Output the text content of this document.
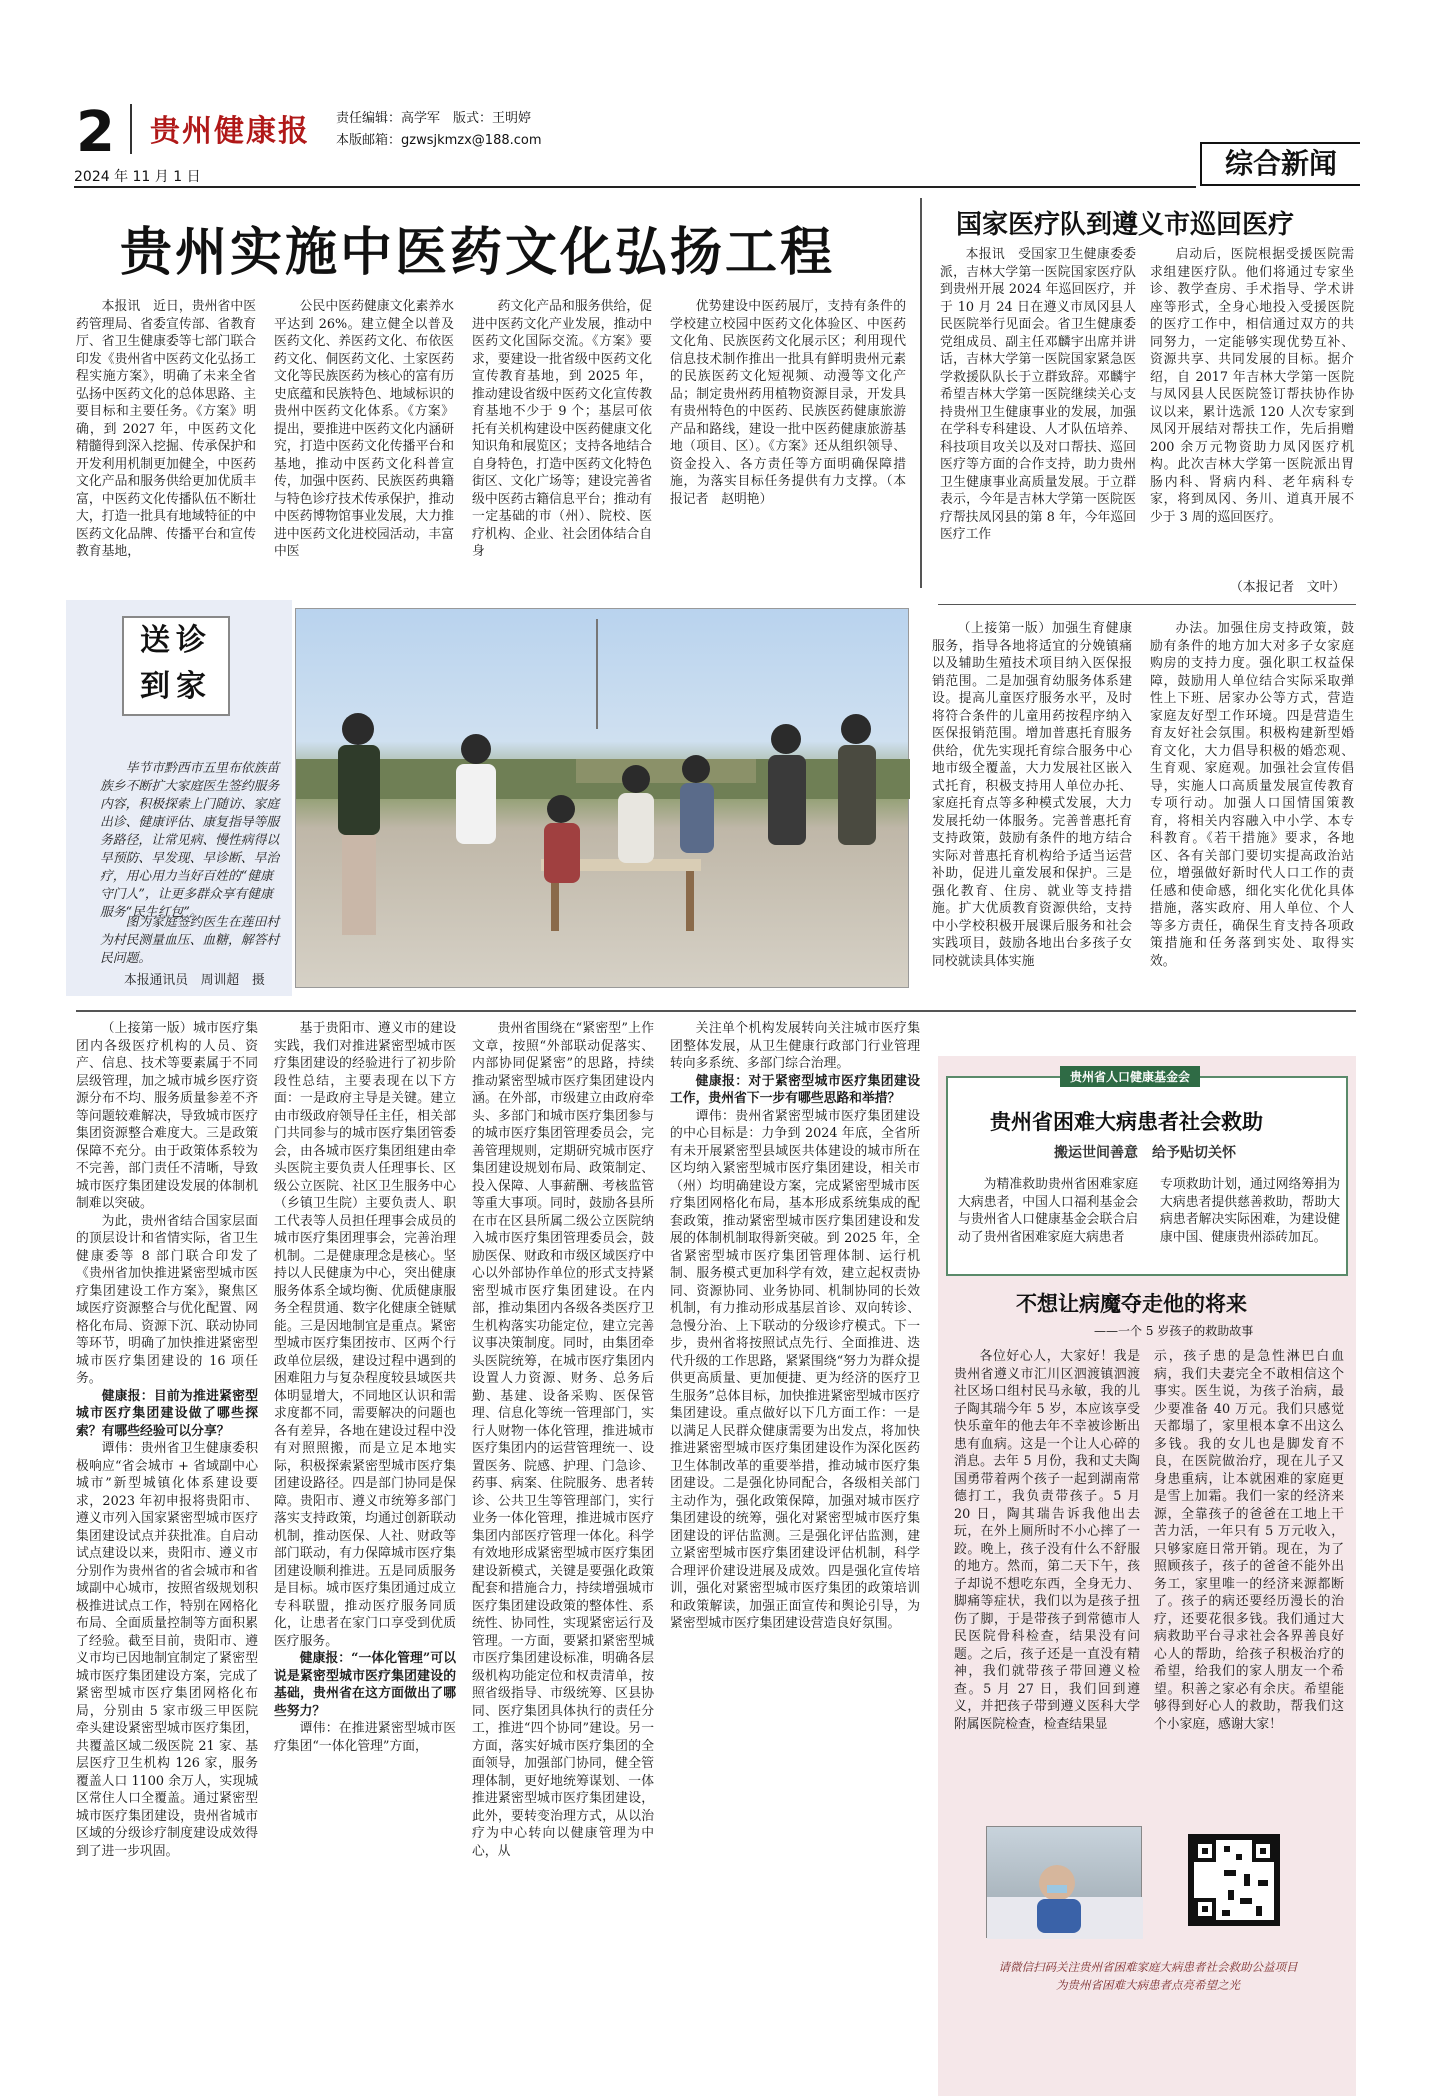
2 贵州健康报 责任编辑：高学军　版式：王明婷
本版邮箱：gzwsjkmzx@188.com
2024 年 11 月 1 日	综合新闻
贵州实施中医药文化弘扬工程
本报讯　近日，贵州省中医药管理局、省委宣传部、省教育厅、省卫生健康委等七部门联合印发《贵州省中医药文化弘扬工程实施方案》，明确了未来全省弘扬中医药文化的总体思路、主要目标和主要任务。《方案》明确，到 2027 年，中医药文化精髓得到深入挖掘、传承保护和开发利用机制更加健全，中医药文化产品和服务供给更加优质丰富，中医药文化传播队伍不断壮大，打造一批具有地域特征的中医药文化品牌、传播平台和宣传教育基地，
公民中医药健康文化素养水平达到 26%。建立健全以普及医药文化、养医药文化、布依医药文化、侗医药文化、土家医药文化等民族医药为核心的富有历史底蕴和民族特色、地域标识的贵州中医药文化体系。《方案》提出，要推进中医药文化内涵研究，打造中医药文化传播平台和基地，推动中医药文化科普宣传，加强中医药、民族医药典籍与特色诊疗技术传承保护，推动中医药博物馆事业发展，大力推进中医药文化进校园活动，丰富中医
药文化产品和服务供给，促进中医药文化产业发展，推动中医药文化国际交流。《方案》要求，要建设一批省级中医药文化宣传教育基地，到 2025 年，推动建设省级中医药文化宣传教育基地不少于 9 个；基层可依托有关机构建设中医药健康文化知识角和展览区；支持各地结合自身特色，打造中医药文化特色街区、文化广场等；建设完善省级中医药古籍信息平台；推动有一定基础的市（州）、院校、医疗机构、企业、社会团体结合自身
优势建设中医药展厅，支持有条件的学校建立校园中医药文化体验区、中医药文化角、民族医药文化展示区；利用现代信息技术制作推出一批具有鲜明贵州元素的民族医药文化短视频、动漫等文化产品；制定贵州药用植物资源目录，开发具有贵州特色的中医药、民族医药健康旅游产品和路线，建设一批中医药健康旅游基地（项目、区）。《方案》还从组织领导、资金投入、各方责任等方面明确保障措施，为落实目标任务提供有力支撑。（本报记者　赵明艳）
国家医疗队到遵义市巡回医疗
本报讯　受国家卫生健康委委派，吉林大学第一医院国家医疗队到贵州开展 2024 年巡回医疗，并于 10 月 24 日在遵义市凤冈县人民医院举行见面会。省卫生健康委党组成员、副主任邓麟宇出席并讲话，吉林大学第一医院国家紧急医学救援队队长于立群致辞。邓麟宇希望吉林大学第一医院继续关心支持贵州卫生健康事业的发展，加强在学科专科建设、人才队伍培养、科技项目攻关以及对口帮扶、巡回医疗等方面的合作支持，助力贵州卫生健康事业高质量发展。于立群表示，今年是吉林大学第一医院医疗帮扶凤冈县的第 8 年，今年巡回医疗工作
启动后，医院根据受援医院需求组建医疗队。他们将通过专家坐诊、教学查房、手术指导、学术讲座等形式，全身心地投入受援医院的医疗工作中，相信通过双方的共同努力，一定能够实现优势互补、资源共享、共同发展的目标。据介绍，自 2017 年吉林大学第一医院与凤冈县人民医院签订帮扶协作协议以来，累计选派 120 人次专家到凤冈开展结对帮扶工作，先后捐赠 200 余万元物资助力凤冈医疗机构。此次吉林大学第一医院派出胃肠内科、肾病内科、老年病科专家，将到凤冈、务川、道真开展不少于 3 周的巡回医疗。
（本报记者　文叶）
送诊
到家
毕节市黔西市五里布依族苗族乡不断扩大家庭医生签约服务内容，积极探索上门随访、家庭出诊、健康评估、康复指导等服务路径，让常见病、慢性病得以早预防、早发现、早诊断、早治疗，用心用力当好百姓的“健康守门人”，让更多群众享有健康服务“民生红包”。
图为家庭签约医生在莲田村为村民测量血压、血糖，解答村民问题。
本报通讯员　周训超　摄
（上接第一版）加强生育健康服务，指导各地将适宜的分娩镇痛以及辅助生殖技术项目纳入医保报销范围。二是加强育幼服务体系建设。提高儿童医疗服务水平，及时将符合条件的儿童用药按程序纳入医保报销范围。增加普惠托育服务供给，优先实现托育综合服务中心地市级全覆盖，大力发展社区嵌入式托育，积极支持用人单位办托、家庭托育点等多种模式发展，大力发展托幼一体服务。完善普惠托育支持政策，鼓励有条件的地方结合实际对普惠托育机构给予适当运营补助，促进儿童发展和保护。三是强化教育、住房、就业等支持措施。扩大优质教育资源供给，支持中小学校积极开展课后服务和社会实践项目，鼓励各地出台多孩子女同校就读具体实施
办法。加强住房支持政策，鼓励有条件的地方加大对多子女家庭购房的支持力度。强化职工权益保障，鼓励用人单位结合实际采取弹性上下班、居家办公等方式，营造家庭友好型工作环境。四是营造生育友好社会氛围。积极构建新型婚育文化，大力倡导积极的婚恋观、生育观、家庭观。加强社会宣传倡导，实施人口高质量发展宣传教育专项行动。加强人口国情国策教育，将相关内容融入中小学、本专科教育。《若干措施》要求，各地区、各有关部门要切实提高政治站位，增强做好新时代人口工作的责任感和使命感，细化实化优化具体措施，落实政府、用人单位、个人等多方责任，确保生育支持各项政策措施和任务落到实处、取得实效。

（上接第一版）城市医疗集团内各级医疗机构的人员、资产、信息、技术等要素属于不同层级管理，加之城市城乡医疗资源分布不均、服务质量参差不齐等问题较难解决，导致城市医疗集团资源整合难度大。三是政策保障不充分。由于政策体系较为不完善，部门责任不清晰，导致城市医疗集团建设发展的体制机制难以突破。

为此，贵州省结合国家层面的顶层设计和省情实际，省卫生健康委等 8 部门联合印发了《贵州省加快推进紧密型城市医疗集团建设工作方案》，聚焦区域医疗资源整合与优化配置、网格化布局、资源下沉、联动协同等环节，明确了加快推进紧密型城市医疗集团建设的 16 项任务。

健康报：目前为推进紧密型城市医疗集团建设做了哪些探索？有哪些经验可以分享？

谭伟：贵州省卫生健康委积极响应“省会城市 + 省域副中心城市”新型城镇化体系建设要求，2023 年初申报将贵阳市、遵义市列入国家紧密型城市医疗集团建设试点并获批准。自启动试点建设以来，贵阳市、遵义市分别作为贵州省的省会城市和省域副中心城市，按照省级规划积极推进试点工作，特别在网格化布局、全面质量控制等方面积累了经验。截至目前，贵阳市、遵义市均已因地制宜制定了紧密型城市医疗集团建设方案，完成了紧密型城市医疗集团网格化布局，分别由 5 家市级三甲医院牵头建设紧密型城市医疗集团，共覆盖区域二级医院 21 家、基层医疗卫生机构 126 家，服务覆盖人口 1100 余万人，实现城区常住人口全覆盖。通过紧密型城市医疗集团建设，贵州省城市区域的分级诊疗制度建设成效得到了进一步巩固。

基于贵阳市、遵义市的建设实践，我们对推进紧密型城市医疗集团建设的经验进行了初步阶段性总结，主要表现在以下方面：一是政府主导是关键。建立由市级政府领导任主任，相关部门共同参与的城市医疗集团管委会，由各城市医疗集团组建由牵头医院主要负责人任理事长、区级公立医院、社区卫生服务中心（乡镇卫生院）主要负责人、职工代表等人员担任理事会成员的城市医疗集团理事会，完善治理机制。二是健康理念是核心。坚持以人民健康为中心，突出健康服务体系全域均衡、优质健康服务全程贯通、数字化健康全链赋能。三是因地制宜是重点。紧密型城市医疗集团按市、区两个行政单位层级，建设过程中遇到的困难阻力与复杂程度较县域医共体明显增大，不同地区认识和需求度都不同，需要解决的问题也各有差异，各地在建设过程中没有对照照搬，而是立足本地实际，积极探索紧密型城市医疗集团建设路径。四是部门协同是保障。贵阳市、遵义市统筹多部门落实支持政策，均通过创新联动机制，推动医保、人社、财政等部门联动，有力保障城市医疗集团建设顺利推进。五是同质服务是目标。城市医疗集团通过成立专科联盟，推动医疗服务同质化，让患者在家门口享受到优质医疗服务。

健康报：“一体化管理”可以说是紧密型城市医疗集团建设的基础，贵州省在这方面做出了哪些努力？

谭伟：在推进紧密型城市医疗集团“一体化管理”方面，

贵州省围绕在“紧密型”上作文章，按照“外部联动促落实、内部协同促紧密”的思路，持续推动紧密型城市医疗集团建设内涵。在外部，市级建立由政府牵头、多部门和城市医疗集团参与的城市医疗集团管理委员会，完善管理规则，定期研究城市医疗集团建设规划布局、政策制定、投入保障、人事薪酬、考核监管等重大事项。同时，鼓励各县所在市在区县所属二级公立医院纳入城市医疗集团管理委员会，鼓励医保、财政和市级区域医疗中心以外部协作单位的形式支持紧密型城市医疗集团建设。在内部，推动集团内各级各类医疗卫生机构落实功能定位，建立完善议事决策制度。同时，由集团牵头医院统筹，在城市医疗集团内设置人力资源、财务、总务后勤、基建、设备采购、医保管理、信息化等统一管理部门，实行人财物一体化管理，推进城市医疗集团内的运营管理统一、设置医务、院感、护理、门急诊、药事、病案、住院服务、患者转诊、公共卫生等管理部门，实行业务一体化管理，推进城市医疗集团内部医疗管理一体化。科学有效地形成紧密型城市医疗集团建设新模式，关键是要强化政策配套和措施合力，持续增强城市医疗集团建设政策的整体性、系统性、协同性，实现紧密运行及管理。一方面，要紧扣紧密型城市医疗集团建设标准，明确各层级机构功能定位和权责清单，按照省级指导、市级统筹、区县协同、医疗集团具体执行的责任分工，推进“四个协同”建设。另一方面，落实好城市医疗集团的全面领导，加强部门协同，健全管理体制，更好地统筹谋划、一体推进紧密型城市医疗集团建设，此外，要转变治理方式，从以治疗为中心转向以健康管理为中心，从

关注单个机构发展转向关注城市医疗集团整体发展，从卫生健康行政部门行业管理转向多系统、多部门综合治理。

健康报：对于紧密型城市医疗集团建设工作，贵州省下一步有哪些思路和举措？

谭伟：贵州省紧密型城市医疗集团建设的中心目标是：力争到 2024 年底，全省所有未开展紧密型县域医共体建设的城市所在区均纳入紧密型城市医疗集团建设，相关市（州）均明确建设方案，完成紧密型城市医疗集团网格化布局，基本形成系统集成的配套政策，推动紧密型城市医疗集团建设和发展的体制机制取得新突破。到 2025 年，全省紧密型城市医疗集团管理体制、运行机制、服务模式更加科学有效，建立起权责协同、资源协同、业务协同、机制协同的长效机制，有力推动形成基层首诊、双向转诊、急慢分治、上下联动的分级诊疗模式。下一步，贵州省将按照试点先行、全面推进、迭代升级的工作思路，紧紧围绕“努力为群众提供更高质量、更加便捷、更为经济的医疗卫生服务”总体目标，加快推进紧密型城市医疗集团建设。重点做好以下几方面工作：一是以满足人民群众健康需要为出发点，将加快推进紧密型城市医疗集团建设作为深化医药卫生体制改革的重要举措，推动城市医疗集团建设。二是强化协同配合，各级相关部门主动作为，强化政策保障，加强对城市医疗集团建设的统筹，强化对紧密型城市医疗集团建设的评估监测。三是强化评估监测，建立紧密型城市医疗集团建设评估机制，科学合理评价建设进展及成效。四是强化宣传培训，强化对紧密型城市医疗集团的政策培训和政策解读，加强正面宣传和舆论引导，为紧密型城市医疗集团建设营造良好氛围。

贵州省人口健康基金会
贵州省困难大病患者社会救助
搬运世间善意　给予贴切关怀
为精准救助贵州省困难家庭大病患者，中国人口福利基金会与贵州省人口健康基金会联合启动了贵州省困难家庭大病患者
专项救助计划，通过网络筹捐为大病患者提供慈善救助，帮助大病患者解决实际困难，为建设健康中国、健康贵州添砖加瓦。
不想让病魔夺走他的将来
——一个 5 岁孩子的救助故事
各位好心人，大家好！我是贵州省遵义市汇川区泗渡镇泗渡社区场口组村民马永敏，我的儿子陶其瑞今年 5 岁，本应该享受快乐童年的他去年不幸被诊断出患有血病。这是一个让人心碎的消息。去年 5 月份，我和丈夫陶国勇带着两个孩子一起到湖南常德打工，我负责带孩子。5 月 20 日，陶其瑞告诉我他出去玩，在外上厕所时不小心摔了一跤。晚上，孩子没有什么不舒服的地方。然而，第二天下午，孩子却说不想吃东西，全身无力、脚痛等症状，我们以为是孩子扭伤了脚，于是带孩子到常德市人民医院骨科检查，结果没有问题。之后，孩子还是一直没有精神，我们就带孩子带回遵义检查。5 月 27 日，我们回到遵义，并把孩子带到遵义医科大学附属医院检查，检查结果显
示，孩子患的是急性淋巴白血病，我们夫妻完全不敢相信这个事实。医生说，为孩子治病，最少要准备 40 万元。我们只感觉天都塌了，家里根本拿不出这么多钱。我的女儿也是脚发育不良，在医院做治疗，现在儿子又身患重病，让本就困难的家庭更是雪上加霜。我们一家的经济来源，全靠孩子的爸爸在工地上干苦力活，一年只有 5 万元收入，只够家庭日常开销。现在，为了照顾孩子，孩子的爸爸不能外出务工，家里唯一的经济来源都断了。孩子的病还要经历漫长的治疗，还要花很多钱。我们通过大病救助平台寻求社会各界善良好心人的帮助，给孩子积极治疗的希望，给我们的家人朋友一个希望。积善之家必有余庆。希望能够得到好心人的救助，帮我们这个小家庭，感谢大家！
请微信扫码关注贵州省困难家庭大病患者社会救助公益项目
为贵州省困难大病患者点亮希望之光
